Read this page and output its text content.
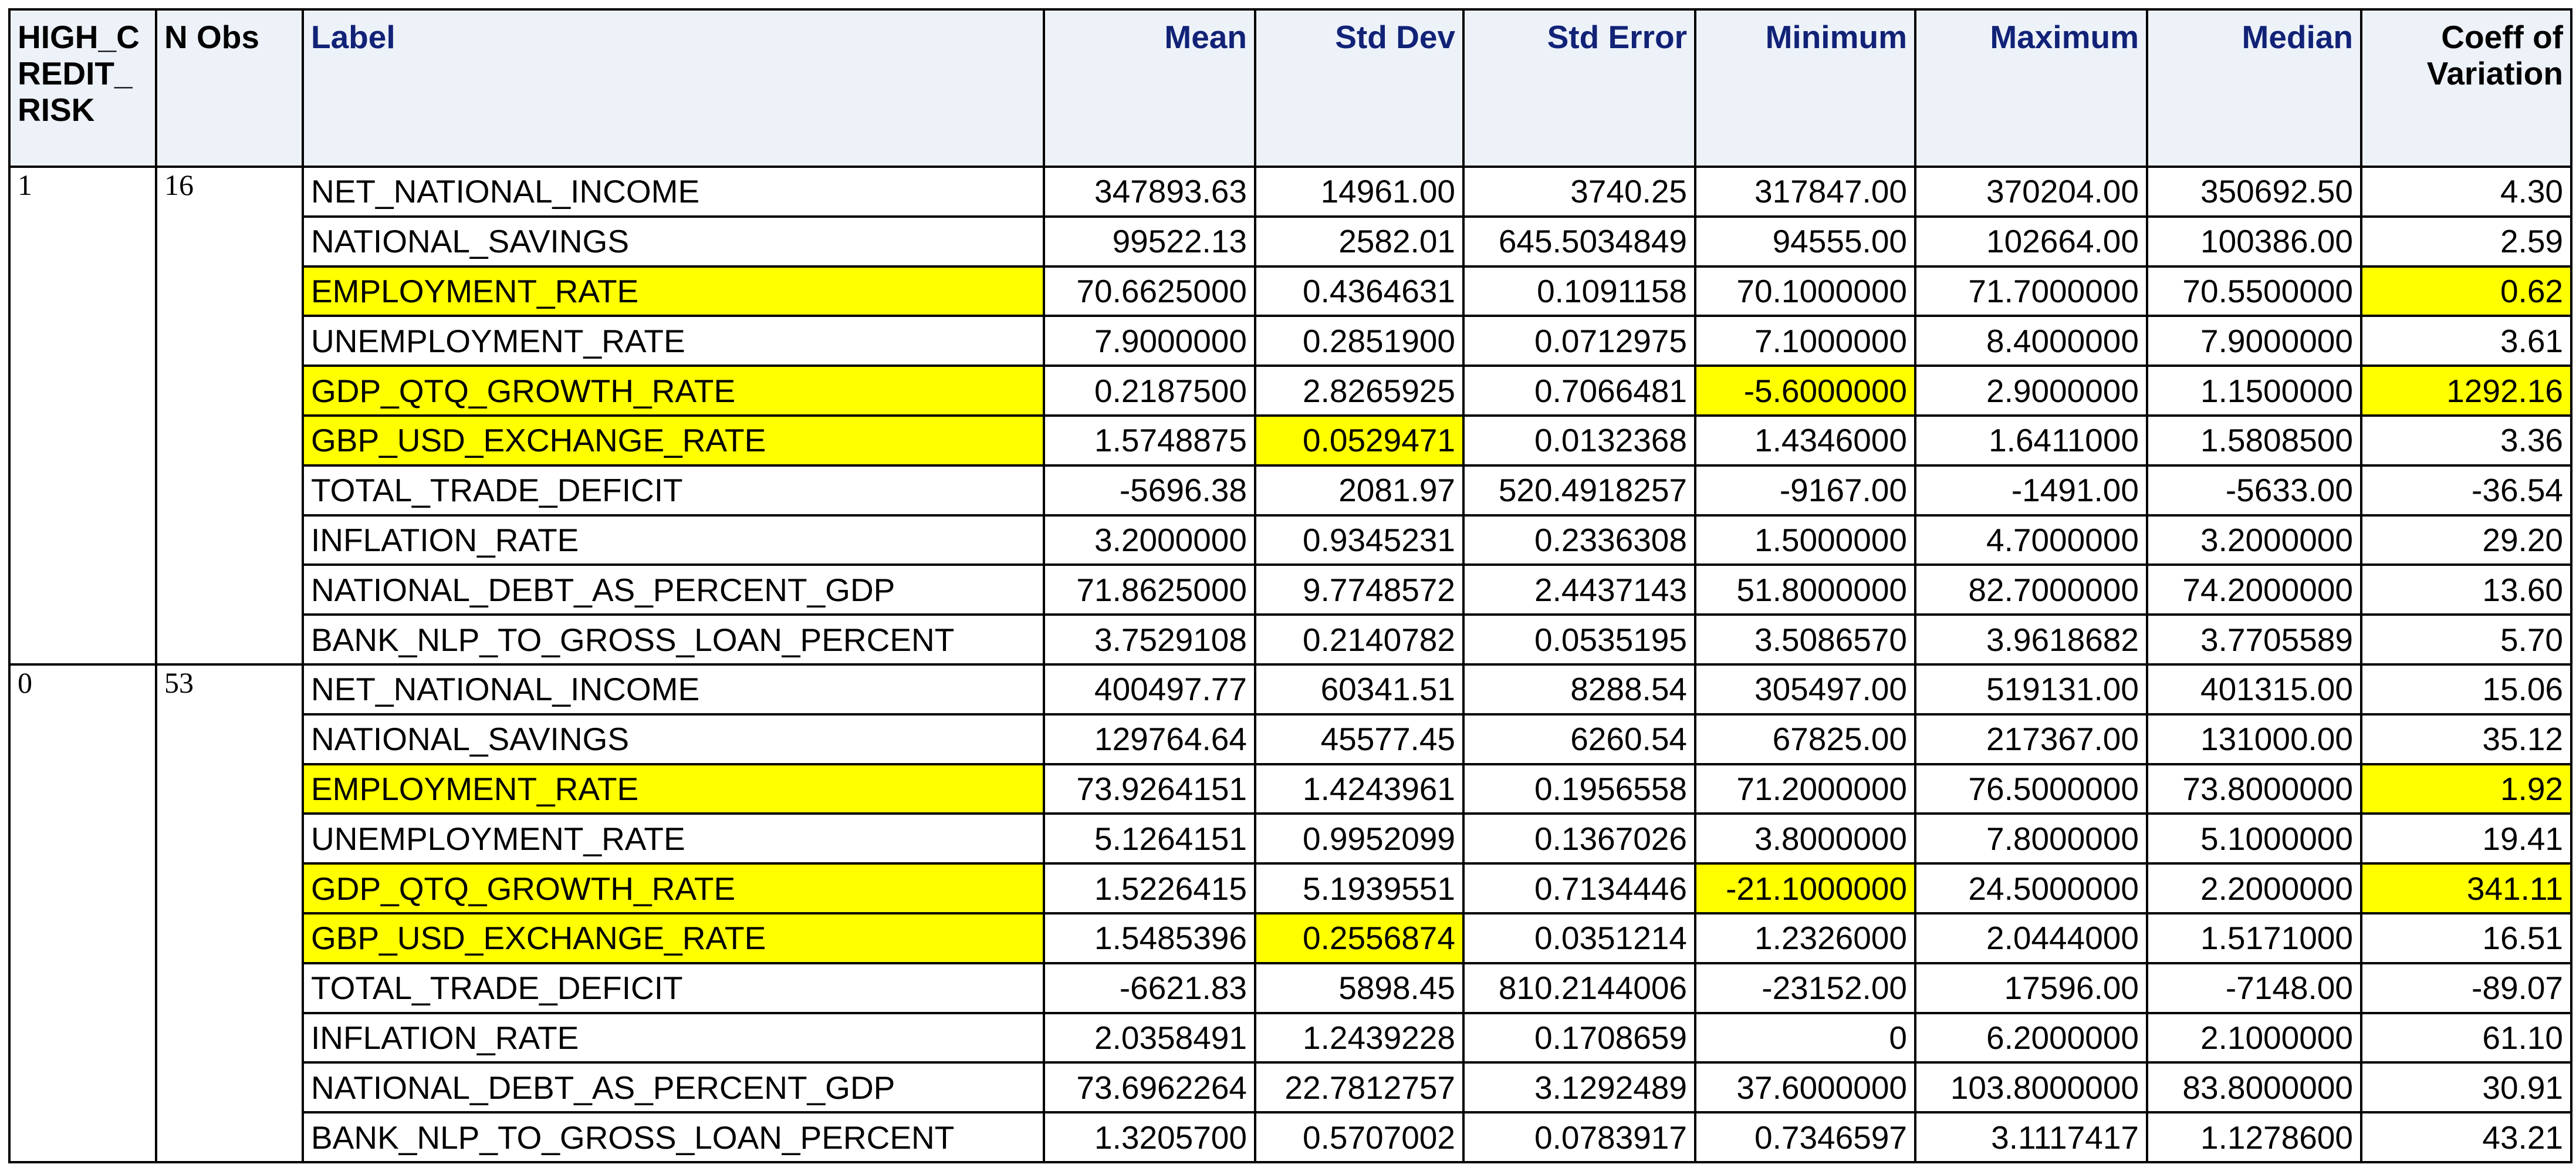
HIGH_CREDIT_RISK	N Obs	Label	Mean	Std Dev	Std Error	Minimum	Maximum	Median	Coeff of Variation
1	16	NET_NATIONAL_INCOME	347893.63	14961.00	3740.25	317847.00	370204.00	350692.50	4.30
		NATIONAL_SAVINGS	99522.13	2582.01	645.5034849	94555.00	102664.00	100386.00	2.59
		EMPLOYMENT_RATE	70.6625000	0.4364631	0.1091158	70.1000000	71.7000000	70.5500000	0.62
		UNEMPLOYMENT_RATE	7.9000000	0.2851900	0.0712975	7.1000000	8.4000000	7.9000000	3.61
		GDP_QTQ_GROWTH_RATE	0.2187500	2.8265925	0.7066481	-5.6000000	2.9000000	1.1500000	1292.16
		GBP_USD_EXCHANGE_RATE	1.5748875	0.0529471	0.0132368	1.4346000	1.6411000	1.5808500	3.36
		TOTAL_TRADE_DEFICIT	-5696.38	2081.97	520.4918257	-9167.00	-1491.00	-5633.00	-36.54
		INFLATION_RATE	3.2000000	0.9345231	0.2336308	1.5000000	4.7000000	3.2000000	29.20
		NATIONAL_DEBT_AS_PERCENT_GDP	71.8625000	9.7748572	2.4437143	51.8000000	82.7000000	74.2000000	13.60
		BANK_NLP_TO_GROSS_LOAN_PERCENT	3.7529108	0.2140782	0.0535195	3.5086570	3.9618682	3.7705589	5.70
0	53	NET_NATIONAL_INCOME	400497.77	60341.51	8288.54	305497.00	519131.00	401315.00	15.06
		NATIONAL_SAVINGS	129764.64	45577.45	6260.54	67825.00	217367.00	131000.00	35.12
		EMPLOYMENT_RATE	73.9264151	1.4243961	0.1956558	71.2000000	76.5000000	73.8000000	1.92
		UNEMPLOYMENT_RATE	5.1264151	0.9952099	0.1367026	3.8000000	7.8000000	5.1000000	19.41
		GDP_QTQ_GROWTH_RATE	1.5226415	5.1939551	0.7134446	-21.1000000	24.5000000	2.2000000	341.11
		GBP_USD_EXCHANGE_RATE	1.5485396	0.2556874	0.0351214	1.2326000	2.0444000	1.5171000	16.51
		TOTAL_TRADE_DEFICIT	-6621.83	5898.45	810.2144006	-23152.00	17596.00	-7148.00	-89.07
		INFLATION_RATE	2.0358491	1.2439228	0.1708659	0	6.2000000	2.1000000	61.10
		NATIONAL_DEBT_AS_PERCENT_GDP	73.6962264	22.7812757	3.1292489	37.6000000	103.8000000	83.8000000	30.91
		BANK_NLP_TO_GROSS_LOAN_PERCENT	1.3205700	0.5707002	0.0783917	0.7346597	3.1117417	1.1278600	43.21
